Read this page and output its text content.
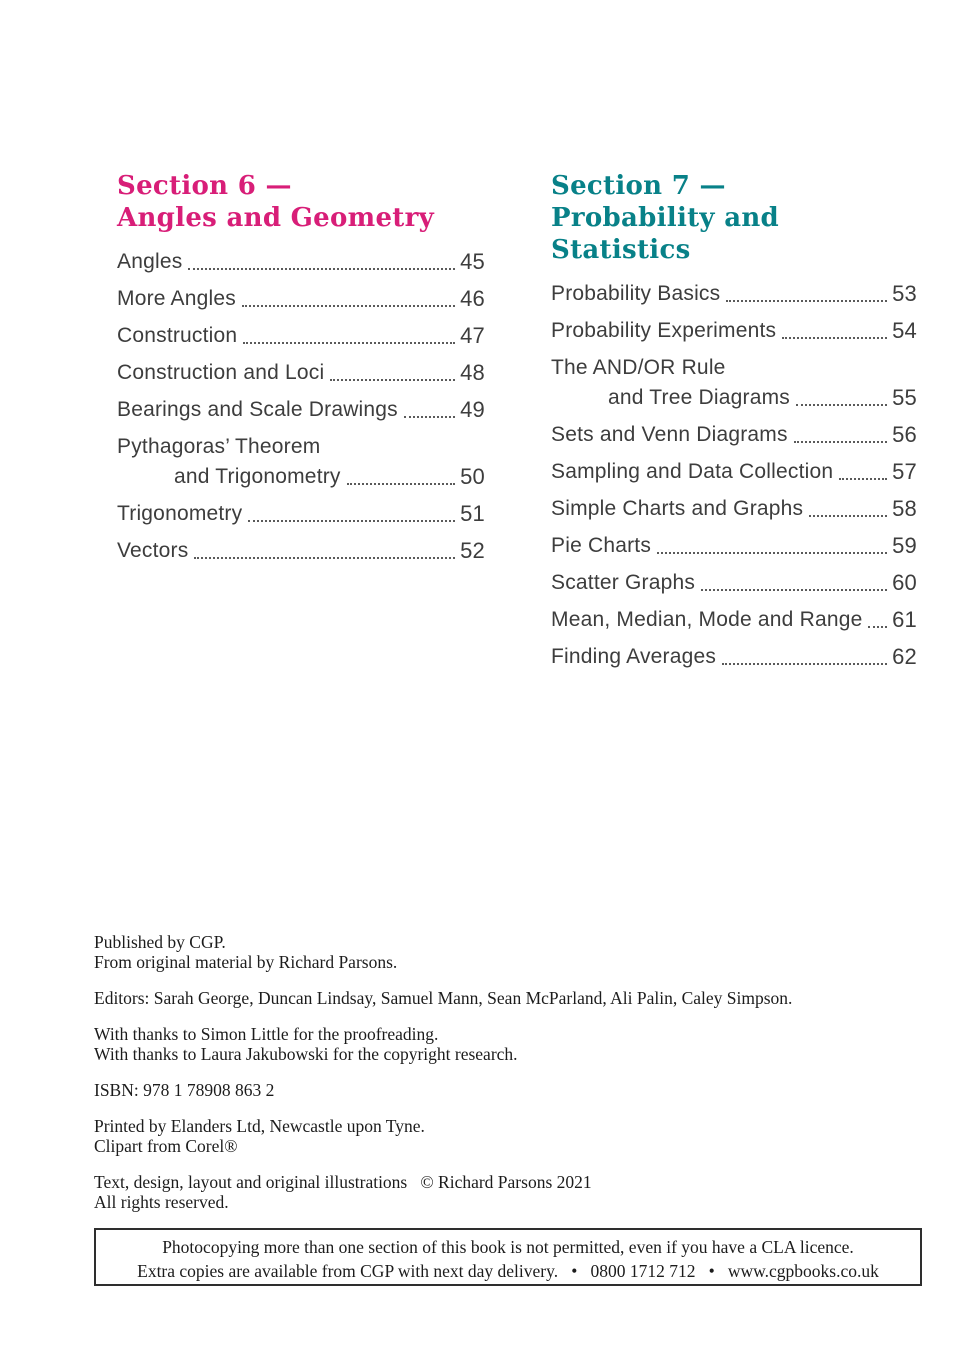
Section 6 —
Angles and Geometry
Angles	45
More Angles	46
Construction	47
Construction and Loci	48
Bearings and Scale Drawings	49
Pythagoras’ Theorem
and Trigonometry	50
Trigonometry	51
Vectors	52
Section 7 —
Probability and Statistics
Probability Basics	53
Probability Experiments	54
The AND/OR Rule
and Tree Diagrams	55
Sets and Venn Diagrams	56
Sampling and Data Collection	57
Simple Charts and Graphs	58
Pie Charts	59
Scatter Graphs	60
Mean, Median, Mode and Range 61
Finding Averages	62
Published by CGP.
From original material by Richard Parsons.
Editors: Sarah George, Duncan Lindsay, Samuel Mann, Sean McParland, Ali Palin, Caley Simpson.
With thanks to Simon Little for the proofreading.
With thanks to Laura Jakubowski for the copyright research.
ISBN: 978 1 78908 863 2
Printed by Elanders Ltd, Newcastle upon Tyne.
Clipart from Corel®
Text, design, layout and original illustrations  © Richard Parsons 2021
All rights reserved.
Photocopying more than one section of this book is not permitted, even if you have a CLA licence.
Extra copies are available from CGP with next day delivery.  •  0800 1712 712  •  www.cgpbooks.co.uk
